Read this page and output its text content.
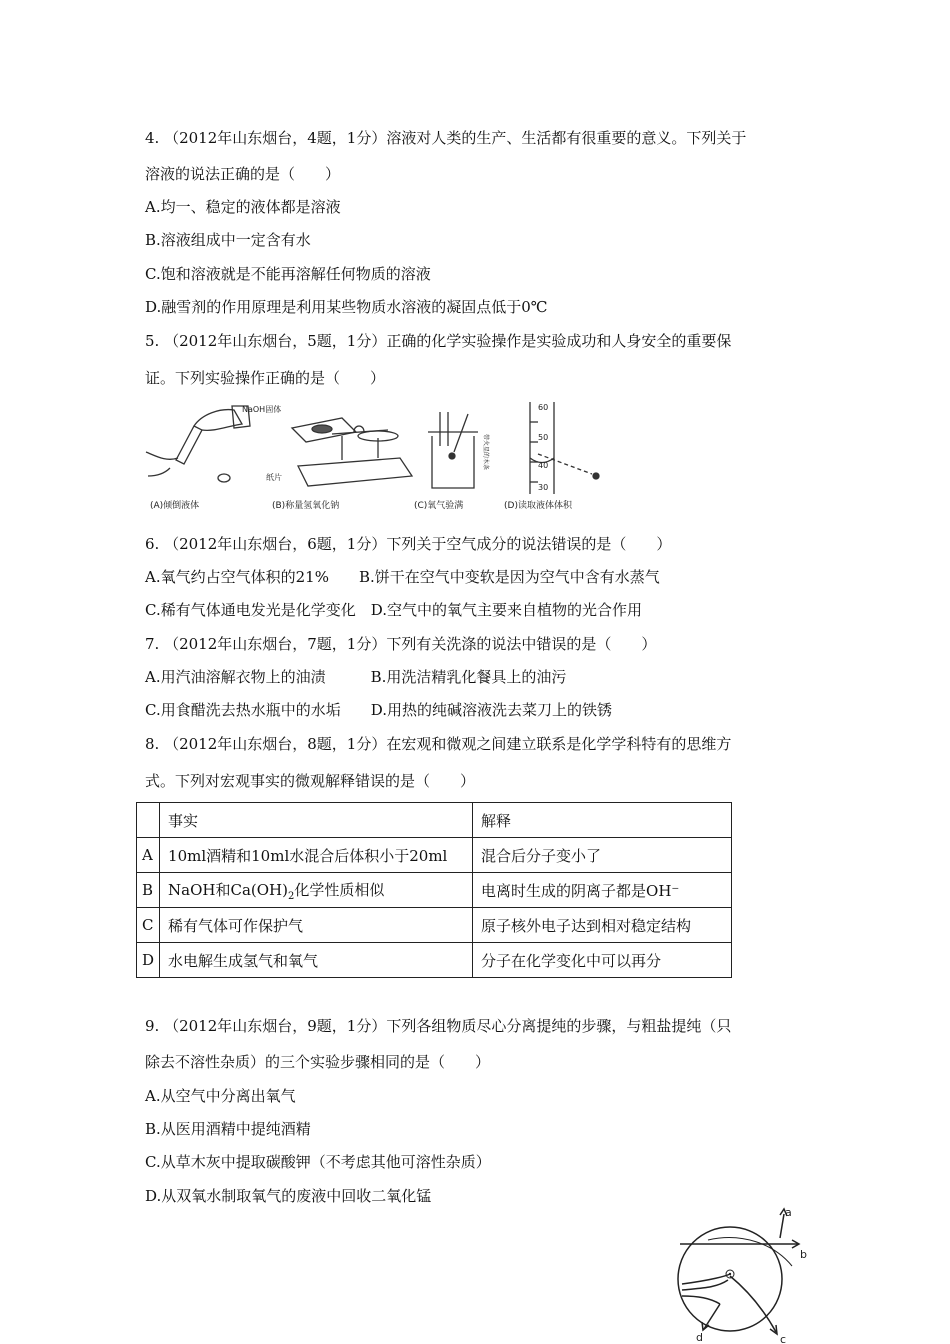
4. （2012年山东烟台，4题，1分）溶液对人类的生产、生活都有很重要的意义。下列关于
溶液的说法正确的是（　　）
A.均一、稳定的液体都是溶液
B.溶液组成中一定含有水
C.饱和溶液就是不能再溶解任何物质的溶液
D.融雪剂的作用原理是利用某些物质水溶液的凝固点低于0℃
5. （2012年山东烟台，5题，1分）正确的化学实验操作是实验成功和人身安全的重要保
证。下列实验操作正确的是（　　）
NaOH固体
纸片
带火星的木条
60
50
40
30
(A)倾倒液体	(B)称量氢氧化钠	(C)氧气验满	(D)读取液体体积
6. （2012年山东烟台，6题，1分）下列关于空气成分的说法错误的是（　　）
A.氧气约占空气体积的21%　　B.饼干在空气中变软是因为空气中含有水蒸气
C.稀有气体通电发光是化学变化　D.空气中的氧气主要来自植物的光合作用
7. （2012年山东烟台，7题，1分）下列有关洗涤的说法中错误的是（　　）
A.用汽油溶解衣物上的油渍　　　B.用洗洁精乳化餐具上的油污
C.用食醋洗去热水瓶中的水垢　　D.用热的纯碱溶液洗去菜刀上的铁锈
8. （2012年山东烟台，8题，1分）在宏观和微观之间建立联系是化学学科特有的思维方
式。下列对宏观事实的微观解释错误的是（　　）
	事实	解释
A	10ml酒精和10ml水混合后体积小于20ml	混合后分子变小了
B	NaOH和$Ca(OH)_2$化学性质相似	电离时生成的阴离子都是OH⁻
C	稀有气体可作保护气	原子核外电子达到相对稳定结构
D	水电解生成氢气和氧气	分子在化学变化中可以再分
9. （2012年山东烟台，9题，1分）下列各组物质尽心分离提纯的步骤，与粗盐提纯（只
除去不溶性杂质）的三个实验步骤相同的是（　　）
A.从空气中分离出氧气
B.从医用酒精中提纯酒精
C.从草木灰中提取碳酸钾（不考虑其他可溶性杂质）
D.从双氧水制取氧气的废液中回收二氧化锰
a
b
c
d
